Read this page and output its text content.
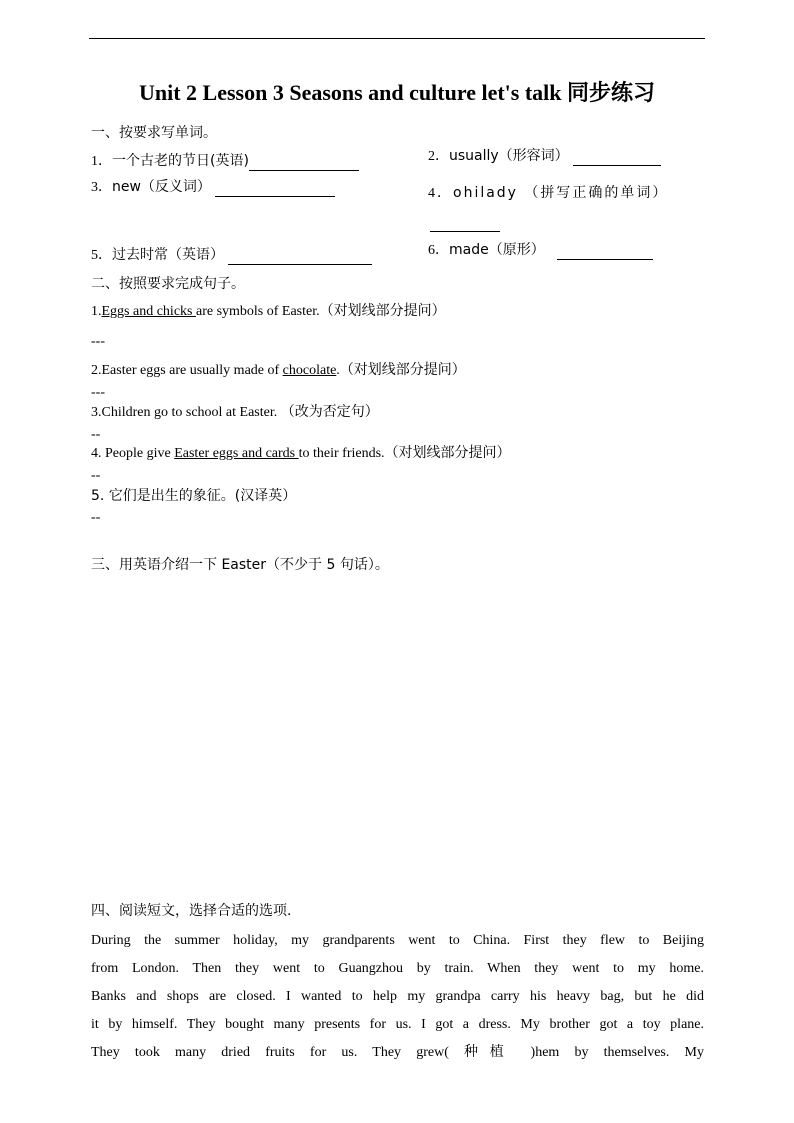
Unit 2 Lesson 3 Seasons and culture let's talk 同步练习
一、按要求写单词。
1．一个古老的节日(英语)	2．usually（形容词）
3．new（反义词）	4．ohilady （拼写正确的单词）
5．过去时常（英语）	6．made（原形）
二、按照要求完成句子。
1.Eggs and chicks are symbols of Easter.（对划线部分提问）
---
2.Easter eggs are usually made of chocolate.（对划线部分提问）
---
3.Children go to school at Easter. （改为否定句）
--
4. People give Easter eggs and cards to their friends.（对划线部分提问）
--
5. 它们是出生的象征。(汉译英）
--
三、用英语介绍一下 Easter（不少于 5 句话）。
四、阅读短文，选择合适的选项.
During the summer holiday, my grandparents went to China. First they flew to Beijing
from London. Then they went to Guangzhou by train. When they went to my home.
Banks and shops are closed. I wanted to help my grandpa carry his heavy bag, but he did
it by himself. They bought many presents for us. I got a dress. My brother got a toy plane.
They took many dried fruits for us. They grew( 种植 )hem by themselves. My
